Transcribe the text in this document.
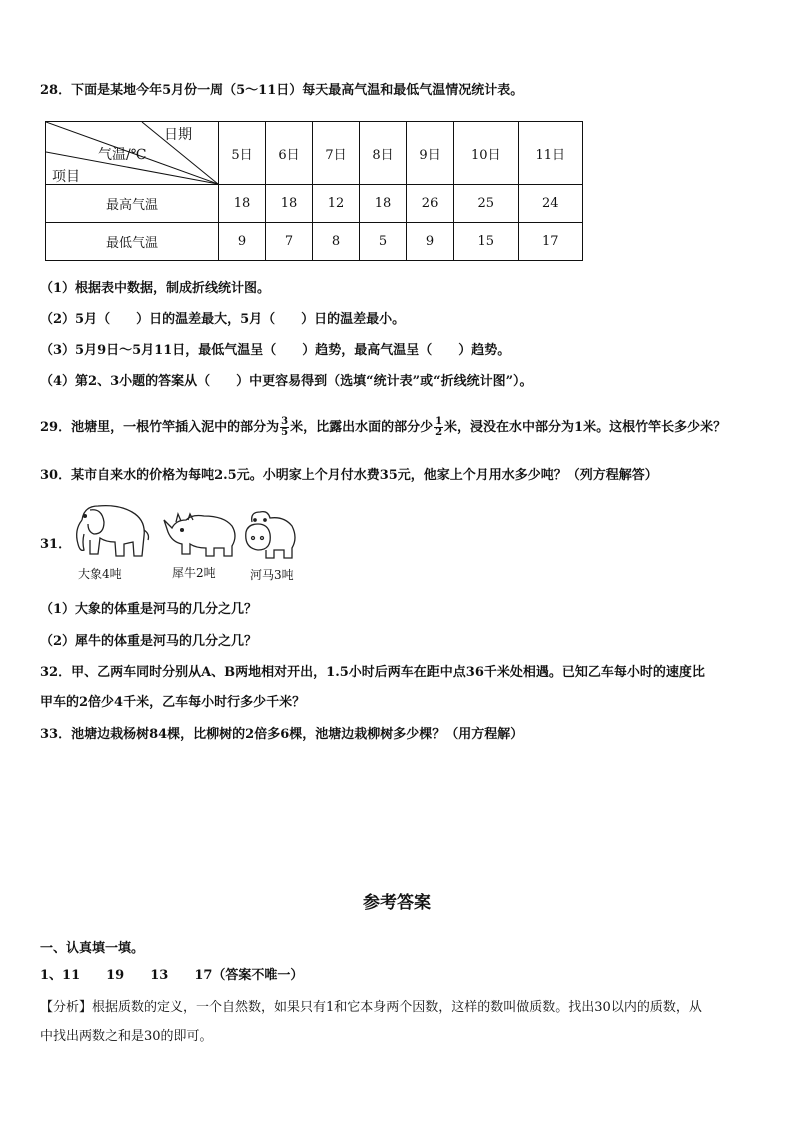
28．下面是某地今年5月份一周（5～11日）每天最高气温和最低气温情况统计表。
日期
气温/℃
项目	5日	6日	7日	8日	9日	10日	11日
最高气温	18	18	12	18	26	25	24
最低气温	9	7	8	5	9	15	17
（1）根据表中数据，制成折线统计图。
（2）5月（　　）日的温差最大，5月（　　）日的温差最小。
（3）5月9日～5月11日，最低气温呈（　　）趋势，最高气温呈（　　）趋势。
（4）第2、3小题的答案从（　　）中更容易得到（选填“统计表”或“折线统计图”）。
29．池塘里，一根竹竿插入泥中的部分为 $\frac{3}{5}$ 米，比露出水面的部分少 $\frac{1}{2}$ 米，浸没在水中部分为1米。这根竹竿长多少米？
30．某市自来水的价格为每吨2.5元。小明家上个月付水费35元，他家上个月用水多少吨？（列方程解答）
31．
大象4吨	犀牛2吨	河马3吨
（1）大象的体重是河马的几分之几？
（2）犀牛的体重是河马的几分之几？
32．甲、乙两车同时分别从A、B两地相对开出，1.5小时后两车在距中点36千米处相遇。已知乙车每小时的速度比
甲车的2倍少4千米，乙车每小时行多少千米？
33．池塘边栽杨树84棵，比柳树的2倍多6棵，池塘边栽柳树多少棵？（用方程解）
参考答案
一、认真填一填。
1、11　　19　　13　　17（答案不唯一）
【分析】根据质数的定义，一个自然数，如果只有1和它本身两个因数，这样的数叫做质数。找出30以内的质数，从
中找出两数之和是30的即可。
